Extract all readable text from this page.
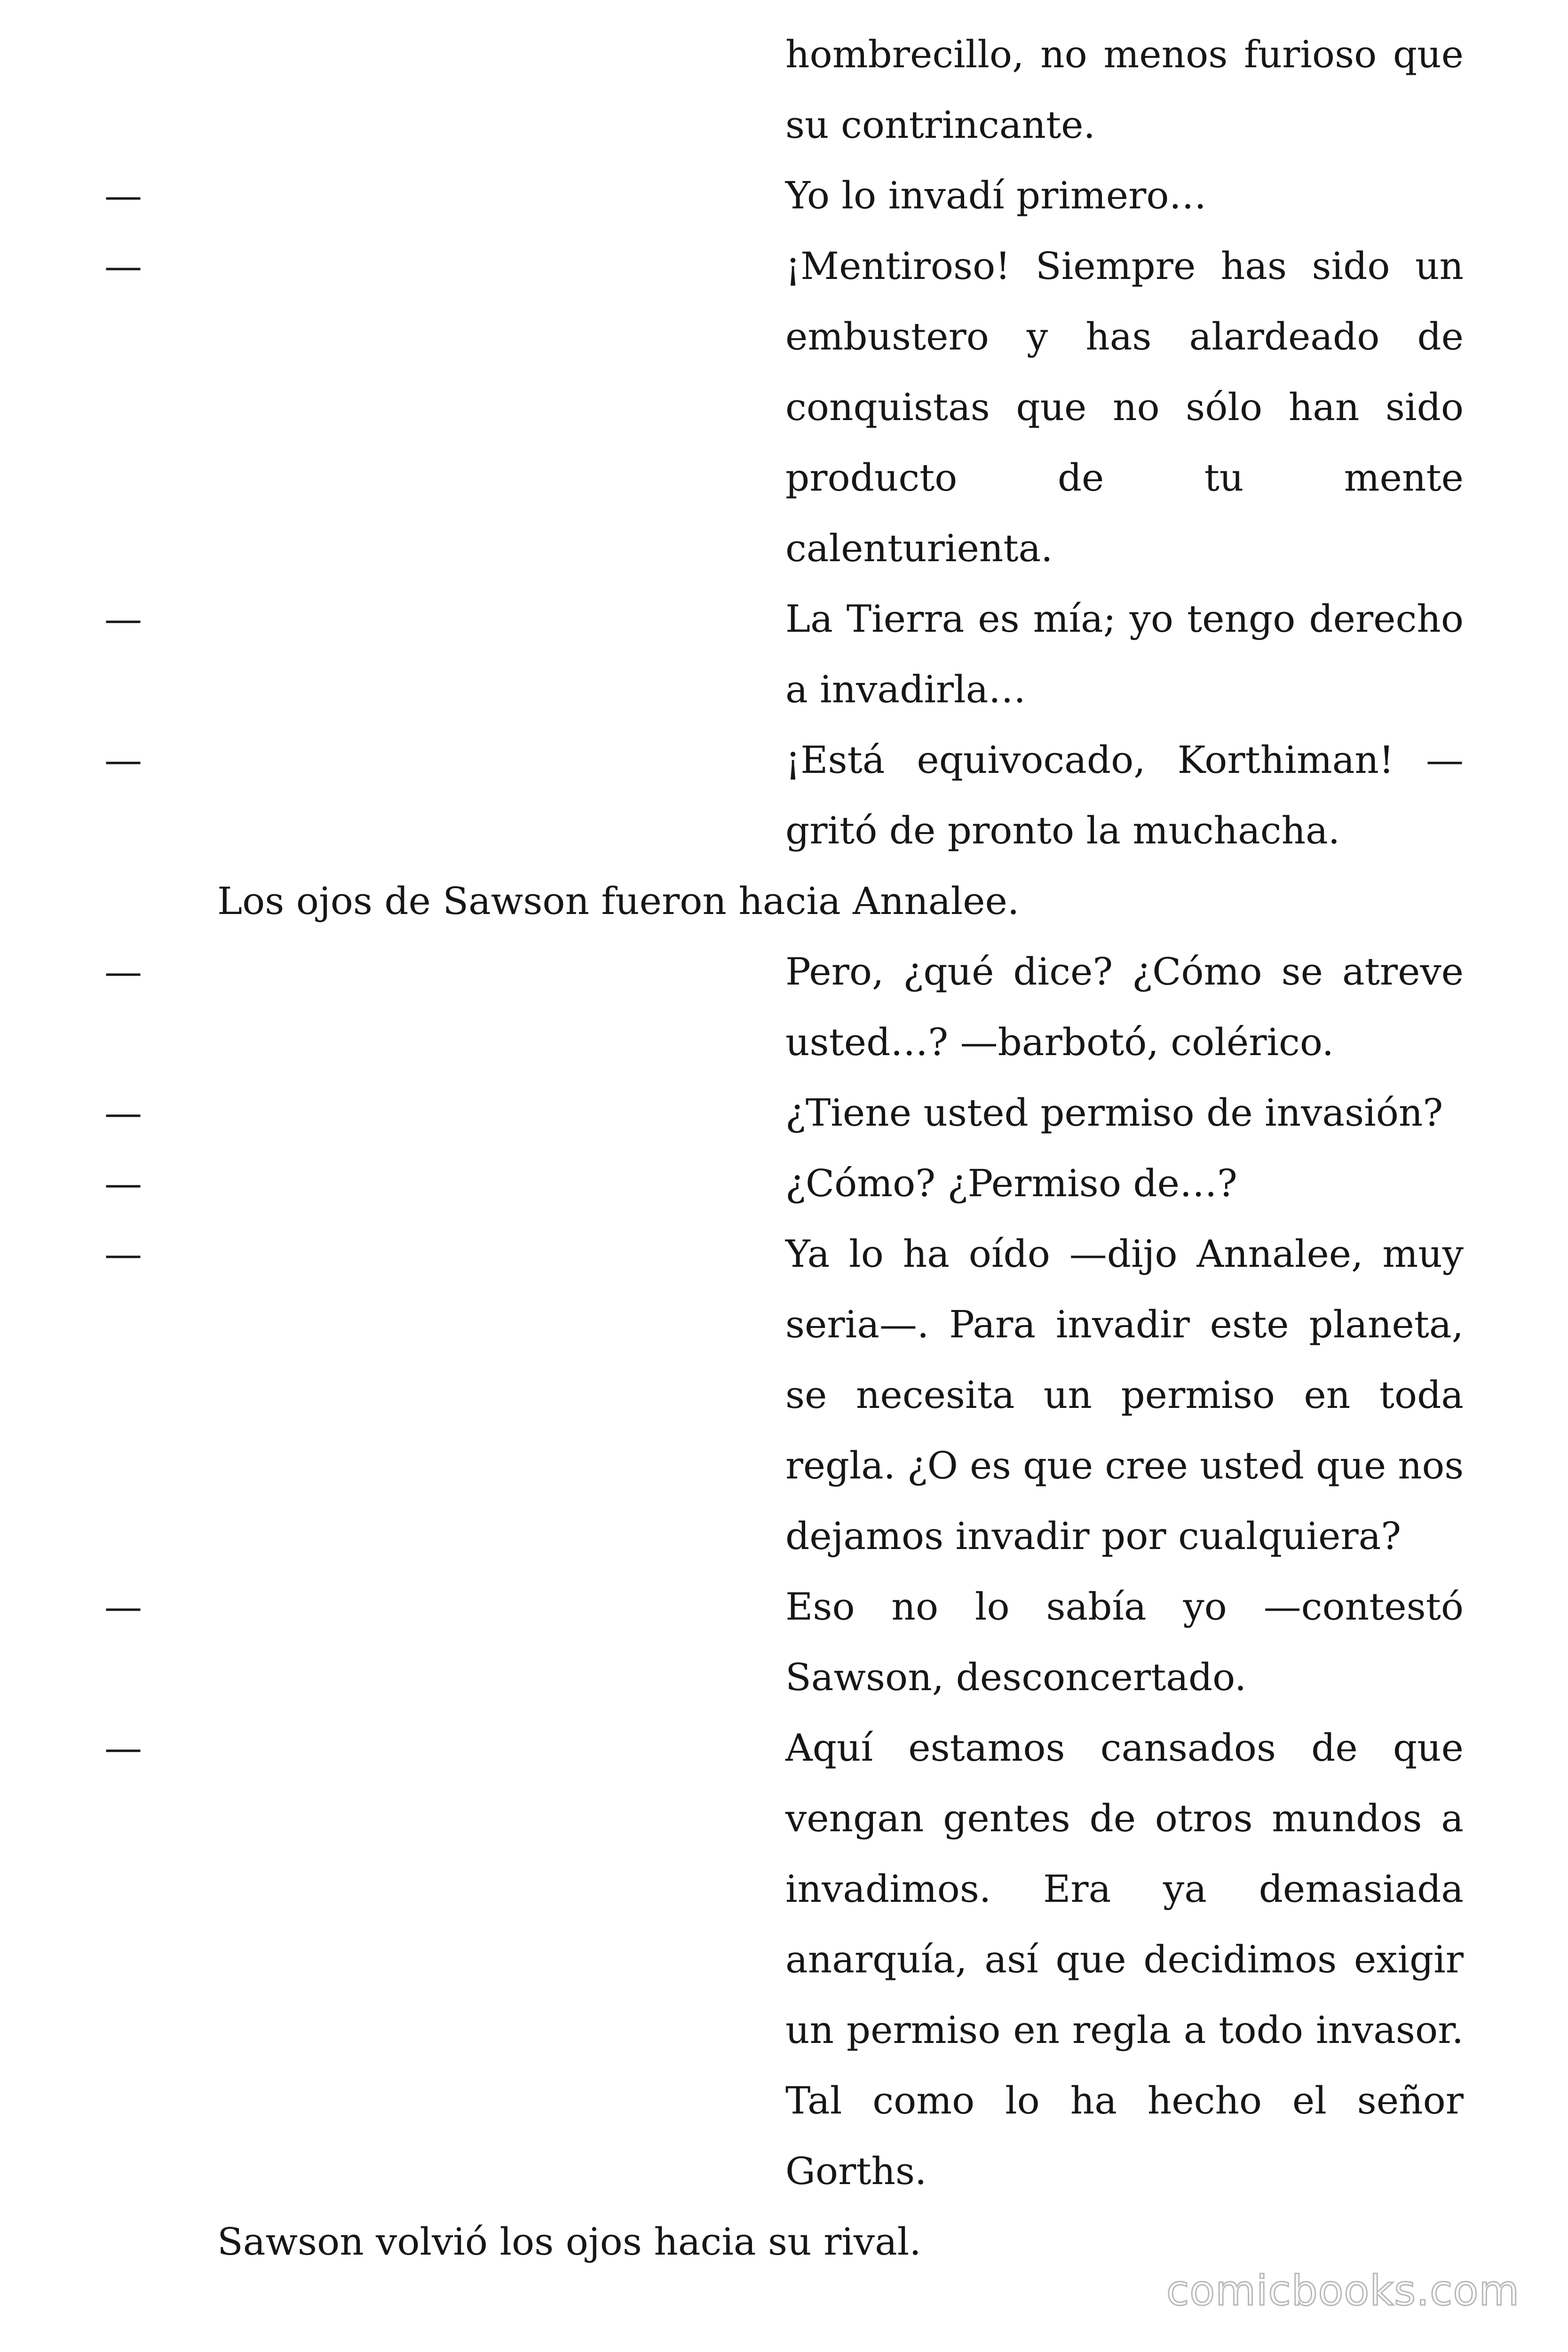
hombrecillo, no menos furioso que
su contrincante.
—	Yo lo invadí primero…
—	¡Mentiroso! Siempre has sido un
embustero y has alardeado de
conquistas que no sólo han sido
producto de tu mente
calenturienta.
—	La Tierra es mía; yo tengo derecho
a invadirla…
—	¡Está equivocado, Korthiman! —
gritó de pronto la muchacha.
Los ojos de Sawson fueron hacia Annalee.
—	Pero, ¿qué dice? ¿Cómo se atreve
usted…? —barbotó, colérico.
—	¿Tiene usted permiso de invasión?
—	¿Cómo? ¿Permiso de…?
—	Ya lo ha oído —dijo Annalee, muy
seria—. Para invadir este planeta,
se necesita un permiso en toda
regla. ¿O es que cree usted que nos
dejamos invadir por cualquiera?
—	Eso no lo sabía yo —contestó
Sawson, desconcertado.
—	Aquí estamos cansados de que
vengan gentes de otros mundos a
invadimos. Era ya demasiada
anarquía, así que decidimos exigir
un permiso en regla a todo invasor.
Tal como lo ha hecho el señor
Gorths.
Sawson volvió los ojos hacia su rival.
comicbooks.com
